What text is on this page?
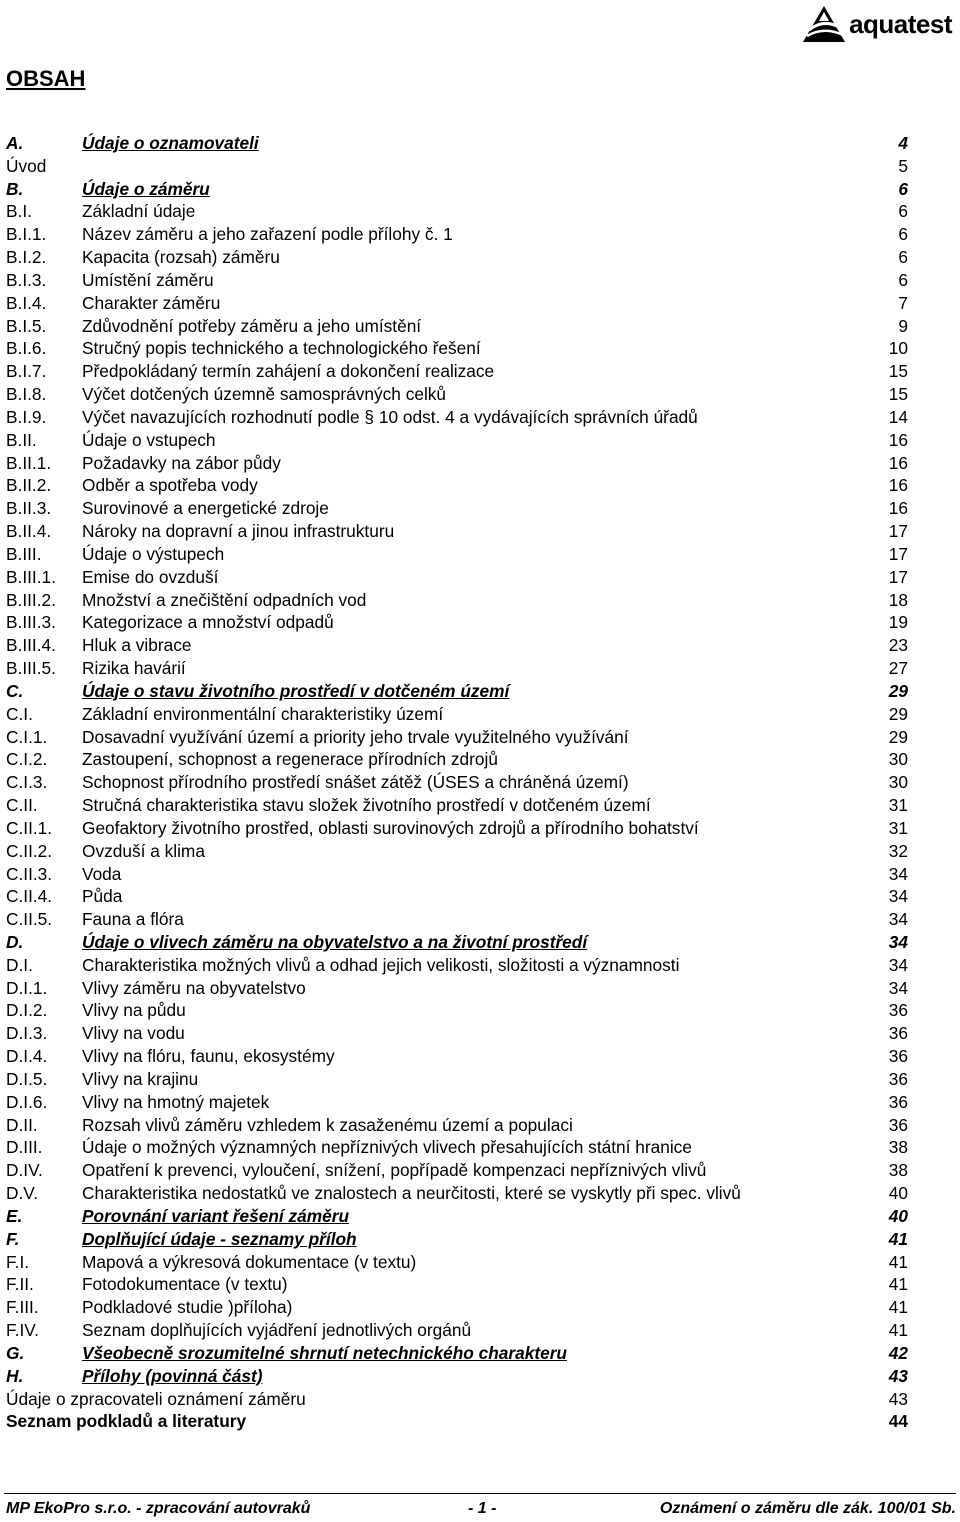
aquatest
OBSAH
A.	Údaje o oznamovateli	4
Úvod	5
B.	Údaje o záměru	6
B.I.	Základní údaje	6
B.I.1. Název záměru a jeho zařazení podle přílohy č. 1	6
B.I.2. Kapacita (rozsah) záměru	6
B.I.3. Umístění záměru	6
B.I.4. Charakter záměru	7
B.I.5. Zdůvodnění potřeby záměru a jeho umístění	9
B.I.6. Stručný popis technického a technologického řešení	10
B.I.7. Předpokládaný termín zahájení a dokončení realizace	15
B.I.8. Výčet dotčených územně samosprávných celků	15
B.I.9. Výčet navazujících rozhodnutí podle § 10 odst. 4 a vydávajících správních úřadů	14
B.II.	Údaje o vstupech	16
B.II.1. Požadavky na zábor půdy	16
B.II.2. Odběr a spotřeba vody	16
B.II.3. Surovinové a energetické zdroje	16
B.II.4. Nároky na dopravní a jinou infrastrukturu	17
B.III. Údaje o výstupech	17
B.III.1. Emise do ovzduší	17
B.III.2. Množství a znečištění odpadních vod	18
B.III.3. Kategorizace a množství odpadů	19
B.III.4. Hluk a vibrace	23
B.III.5. Rizika havárií	27
C.	Údaje o stavu životního prostředí v dotčeném území	29
C.I.	Základní environmentální charakteristiky území	29
C.I.1. Dosavadní využívání území a priority jeho trvale využitelného využívání	29
C.I.2. Zastoupení, schopnost a regenerace přírodních zdrojů	30
C.I.3. Schopnost přírodního prostředí snášet zátěž (ÚSES a chráněná území)	30
C.II.	Stručná charakteristika stavu složek životního prostředí v dotčeném území	31
C.II.1. Geofaktory životního prostřed, oblasti surovinových zdrojů a přírodního bohatství	31
C.II.2. Ovzduší a klima	32
C.II.3. Voda	34
C.II.4. Půda	34
C.II.5. Fauna a flóra	34
D.	Údaje o vlivech záměru na obyvatelstvo a na životní prostředí	34
D.I.	Charakteristika možných vlivů a odhad jejich velikosti, složitosti a významnosti	34
D.I.1. Vlivy záměru na obyvatelstvo	34
D.I.2. Vlivy na půdu	36
D.I.3. Vlivy na vodu	36
D.I.4. Vlivy na flóru, faunu, ekosystémy	36
D.I.5. Vlivy na krajinu	36
D.I.6. Vlivy na hmotný majetek	36
D.II.	Rozsah vlivů záměru vzhledem k zasaženému území a populaci	36
D.III. Údaje o možných významných nepříznivých vlivech přesahujících státní hranice	38
D.IV. Opatření k prevenci, vyloučení, snížení, popřípadě kompenzaci nepříznivých vlivů	38
D.V.	Charakteristika nedostatků ve znalostech a neurčitosti, které se vyskytly při spec. vlivů	40
E.	Porovnání variant řešení záměru	40
F.	Doplňující údaje - seznamy příloh	41
F.I.	Mapová a výkresová dokumentace (v textu)	41
F.II.	Fotodokumentace (v textu)	41
F.III.	Podkladové studie )příloha)	41
F.IV. Seznam doplňujících vyjádření jednotlivých orgánů	41
G.	Všeobecně srozumitelné shrnutí netechnického charakteru	42
H.	Přílohy (povinná část)	43
Údaje o zpracovateli oznámení záměru	43
Seznam podkladů a literatury	44
MP EkoPro s.r.o. - zpracování autovraků	- 1 -	Oznámení o záměru dle zák. 100/01 Sb.
